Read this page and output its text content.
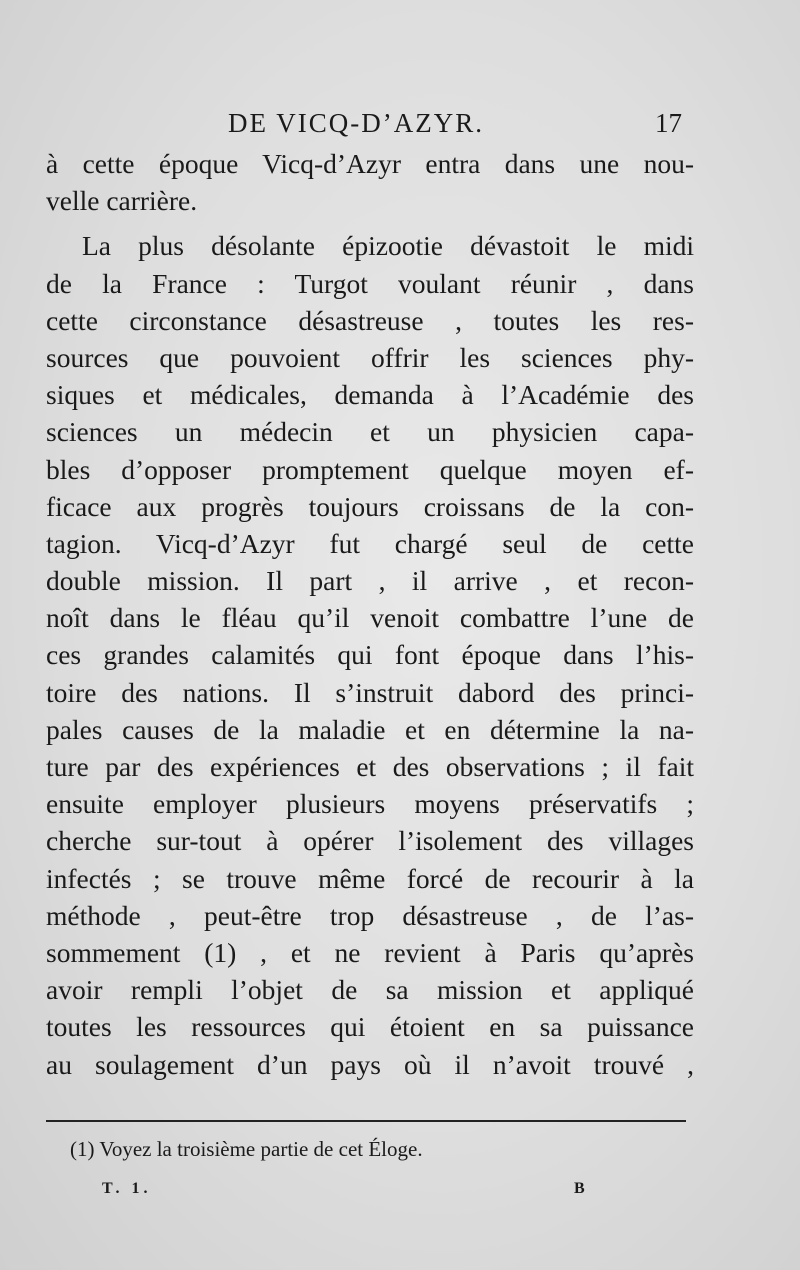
DE VICQ-D’AZYR.	17
à cette époque Vicq-d’Azyr entra dans une nou-
velle carrière.
La plus désolante épizootie dévastoit le midi
de la France : Turgot voulant réunir , dans
cette circonstance désastreuse , toutes les res-
sources que pouvoient offrir les sciences phy-
siques et médicales, demanda à l’Académie des
sciences un médecin et un physicien capa-
bles d’opposer promptement quelque moyen ef-
ficace aux progrès toujours croissans de la con-
tagion. Vicq-d’Azyr fut chargé seul de cette
double mission. Il part , il arrive , et recon-
noît dans le fléau qu’il venoit combattre l’une de
ces grandes calamités qui font époque dans l’his-
toire des nations. Il s’instruit dabord des princi-
pales causes de la maladie et en détermine la na-
ture par des expériences et des observations ; il fait
ensuite employer plusieurs moyens préservatifs ;
cherche sur-tout à opérer l’isolement des villages
infectés ; se trouve même forcé de recourir à la
méthode , peut-être trop désastreuse , de l’as-
sommement (1) , et ne revient à Paris qu’après
avoir rempli l’objet de sa mission et appliqué
toutes les ressources qui étoient en sa puissance
au soulagement d’un pays où il n’avoit trouvé ,
(1) Voyez la troisième partie de cet Éloge.
T. 1.	B
